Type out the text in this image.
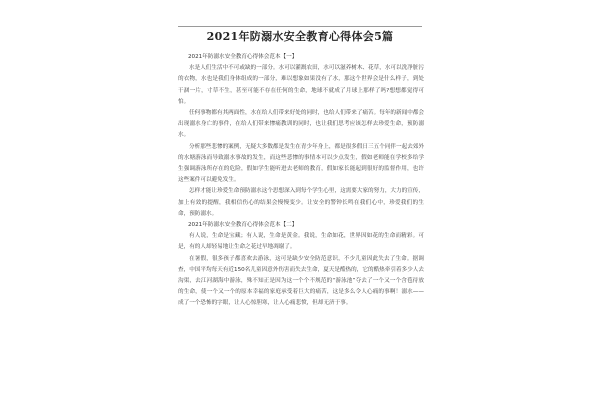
2021年防溺水安全教育心得体会5篇

2021年防溺水安全教育心得体会范本【一】

水是人们生活中不可或缺的一部分。水可以灌溉农田，水可以滋养树木、花草，水可以洗净脏污的衣物，水也是我们身体组成的一部分，难以想象如果没有了水，那这个世界会是什么样子，到处干涸一片，寸草不生，甚至可能不存在任何的生命，地球不就成了月球上那样了吗?想想都觉得可怕。

任何事物都有其两面性，水在给人们带来好处的同时，也给人们带来了痛苦。每年的新闻中都会出现溺水身亡的事件，在给人们带来惨痛教训的同时，也让我们思考应该怎样去珍爱生命，预防溺水。

分析那些悲惨的案例，无疑大多数都是发生在青少年身上，都是很多假日三五个同伴一起去郊外的水塘游泳而导致溺水事故的发生，而这些悲惨的事情本可以少点发生，假如老师能在学校多给学生强调游泳所存在的危险，假如学生能听进去老师的教育，假如家长能起到很好的监督作用，也许这些案件可以避免发生。

怎样才能让珍爱生命预防溺水这个思想深入到每个学生心里，这需要大家的努力，大力的宣传，加上有效的提醒，我相信伤心的结果会慢慢变少。让安全的警钟长鸣在我们心中，珍爱我们的生命，预防溺水。

2021年防溺水安全教育心得体会范本【二】

有人说，生命是宝藏；有人说，生命是黄金。我说，生命如花，世界因如花的生命而精彩。可是，有的人却轻易地让生命之花过早地凋谢了。

在暑假，很多孩子都喜欢去游泳，这可是缺少安全防范意识，不少儿童因此失去了生命。据调查，中国平均每天有近150名儿童因意外伤害而失去生命，夏天是酷热的，它的酷热牵引着多少人去沟渠，去江河湖海中游泳，殊不知正是因为这一个个不规范的“游泳池”夺去了一个又一个含苞待放的生命，使一个又一个的原本幸福的家庭承受着巨大的痛苦，这是多么令人心痛的事啊！溺水——成了一个恐怖的字眼，让人心惊胆寒，让人心痛悲愤，但却无济于事。
